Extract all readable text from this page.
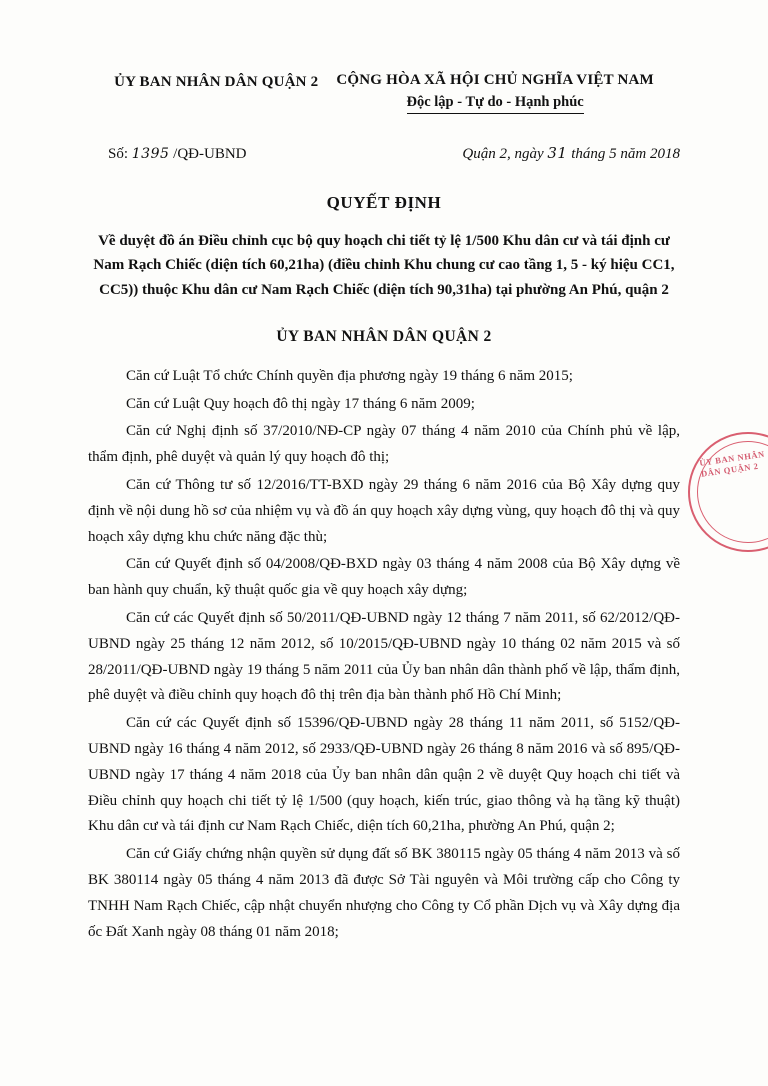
ỦY BAN NHÂN DÂN QUẬN 2 CỘNG HÒA XÃ HỘI CHỦ NGHĨA VIỆT NAM
Độc lập - Tự do - Hạnh phúc
Số: 1395 /QĐ-UBND	Quận 2, ngày 31 tháng 5 năm 2018
QUYẾT ĐỊNH
Về duyệt đồ án Điều chỉnh cục bộ quy hoạch chi tiết tỷ lệ 1/500 Khu dân cư và tái định cư Nam Rạch Chiếc (diện tích 60,21ha) (điều chỉnh Khu chung cư cao tầng 1, 5 - ký hiệu CC1, CC5)) thuộc Khu dân cư Nam Rạch Chiếc (diện tích 90,31ha) tại phường An Phú, quận 2
ỦY BAN NHÂN DÂN QUẬN 2

Căn cứ Luật Tổ chức Chính quyền địa phương ngày 19 tháng 6 năm 2015;

Căn cứ Luật Quy hoạch đô thị ngày 17 tháng 6 năm 2009;

Căn cứ Nghị định số 37/2010/NĐ-CP ngày 07 tháng 4 năm 2010 của Chính phủ về lập, thẩm định, phê duyệt và quản lý quy hoạch đô thị;

Căn cứ Thông tư số 12/2016/TT-BXD ngày 29 tháng 6 năm 2016 của Bộ Xây dựng quy định về nội dung hồ sơ của nhiệm vụ và đồ án quy hoạch xây dựng vùng, quy hoạch đô thị và quy hoạch xây dựng khu chức năng đặc thù;

Căn cứ Quyết định số 04/2008/QĐ-BXD ngày 03 tháng 4 năm 2008 của Bộ Xây dựng về ban hành quy chuẩn, kỹ thuật quốc gia về quy hoạch xây dựng;

Căn cứ các Quyết định số 50/2011/QĐ-UBND ngày 12 tháng 7 năm 2011, số 62/2012/QĐ-UBND ngày 25 tháng 12 năm 2012, số 10/2015/QĐ-UBND ngày 10 tháng 02 năm 2015 và số 28/2011/QĐ-UBND ngày 19 tháng 5 năm 2011 của Ủy ban nhân dân thành phố về lập, thẩm định, phê duyệt và điều chỉnh quy hoạch đô thị trên địa bàn thành phố Hồ Chí Minh;

Căn cứ các Quyết định số 15396/QĐ-UBND ngày 28 tháng 11 năm 2011, số 5152/QĐ-UBND ngày 16 tháng 4 năm 2012, số 2933/QĐ-UBND ngày 26 tháng 8 năm 2016 và số 895/QĐ-UBND ngày 17 tháng 4 năm 2018 của Ủy ban nhân dân quận 2 về duyệt Quy hoạch chi tiết và Điều chỉnh quy hoạch chi tiết tỷ lệ 1/500 (quy hoạch, kiến trúc, giao thông và hạ tầng kỹ thuật) Khu dân cư và tái định cư Nam Rạch Chiếc, diện tích 60,21ha, phường An Phú, quận 2;

Căn cứ Giấy chứng nhận quyền sử dụng đất số BK 380115 ngày 05 tháng 4 năm 2013 và số BK 380114 ngày 05 tháng 4 năm 2013 đã được Sở Tài nguyên và Môi trường cấp cho Công ty TNHH Nam Rạch Chiếc, cập nhật chuyển nhượng cho Công ty Cổ phần Dịch vụ và Xây dựng địa ốc Đất Xanh ngày 08 tháng 01 năm 2018;

ỦY BAN NHÂN DÂN QUẬN 2
